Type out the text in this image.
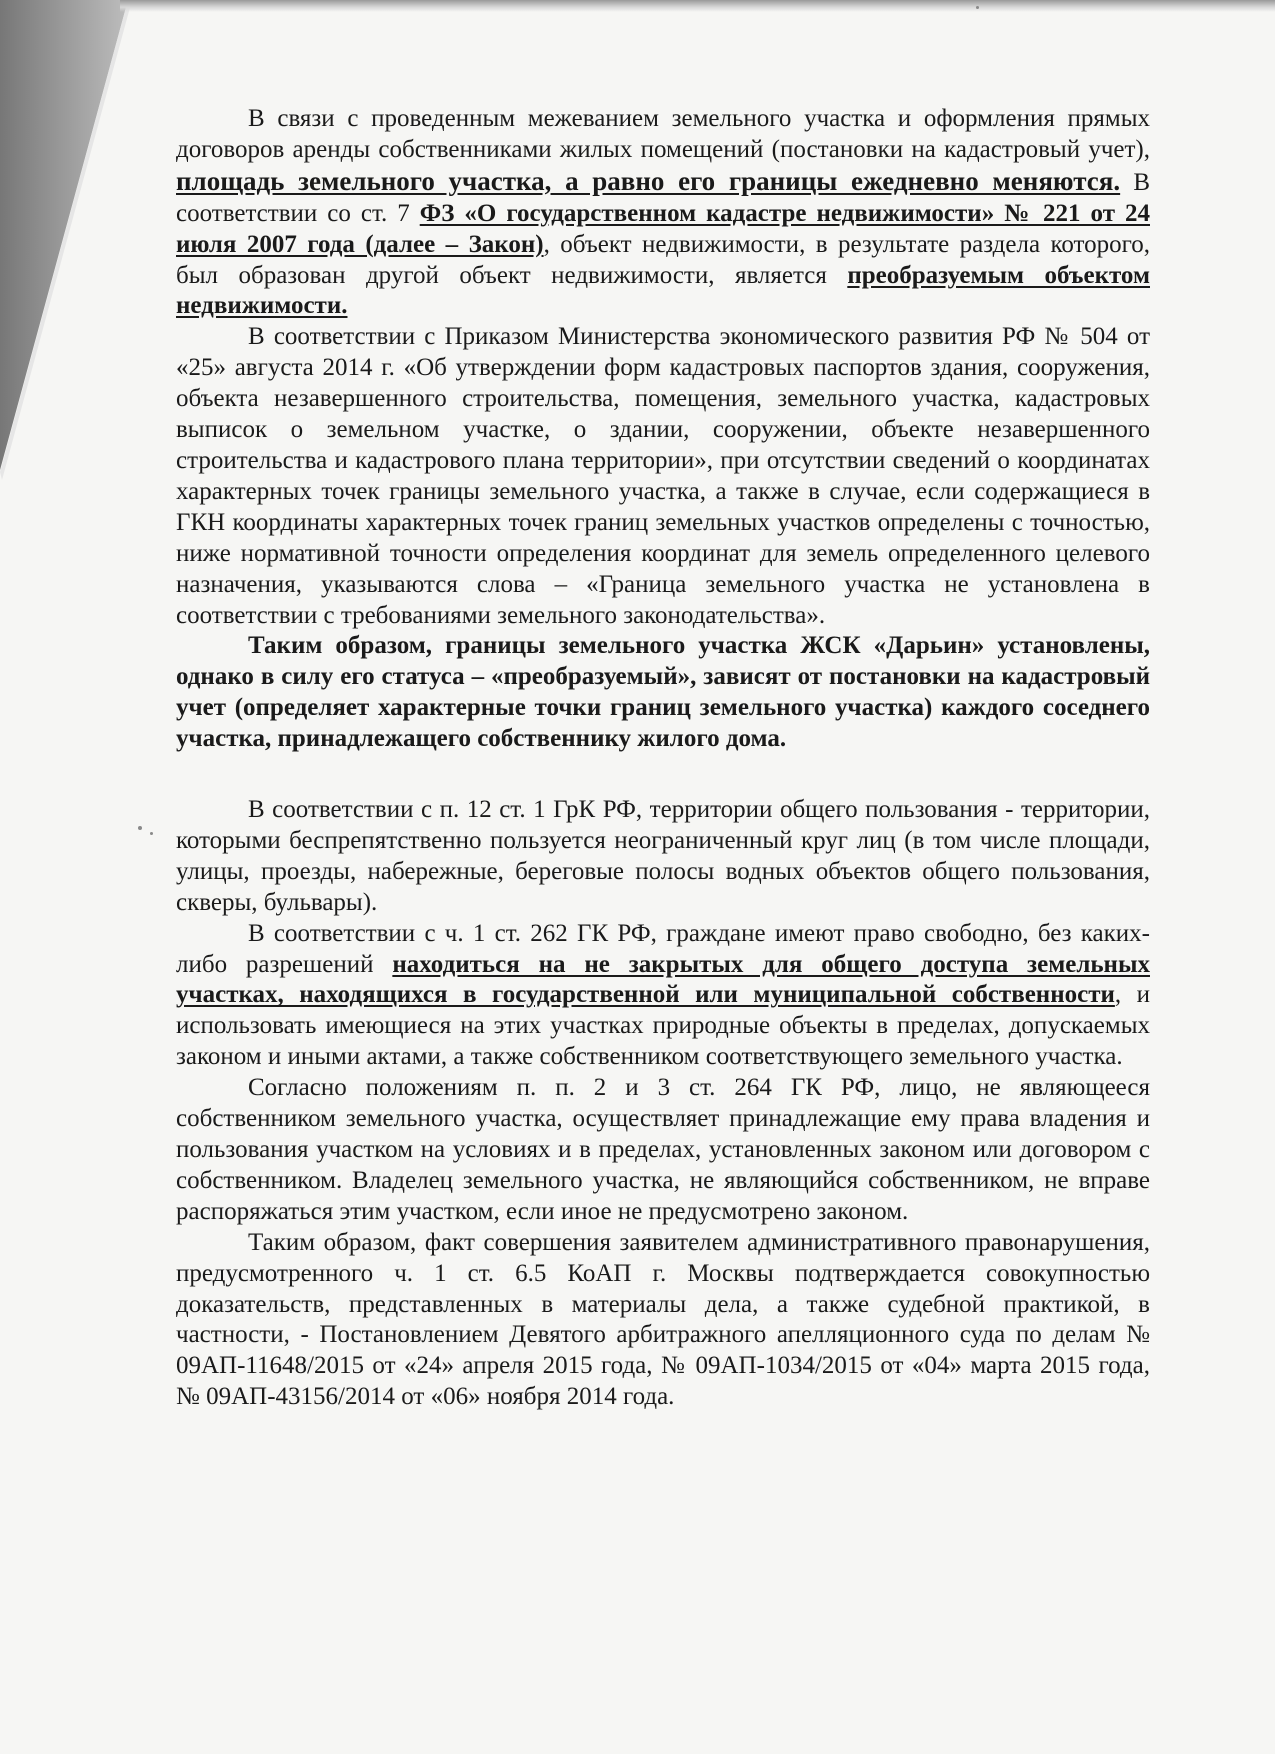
В связи с проведенным межеванием земельного участка и оформления прямых договоров аренды собственниками жилых помещений (постановки на кадастровый учет), площадь земельного участка, а равно его границы ежедневно меняются. В соответствии со ст. 7 ФЗ «О государственном кадастре недвижимости» № 221 от 24 июля 2007 года (далее – Закон), объект недвижимости, в результате раздела которого, был образован другой объект недвижимости, является преобразуемым объектом недвижимости.

В соответствии с Приказом Министерства экономического развития РФ № 504 от «25» августа 2014 г. «Об утверждении форм кадастровых паспортов здания, сооружения, объекта незавершенного строительства, помещения, земельного участка, кадастровых выписок о земельном участке, о здании, сооружении, объекте незавершенного строительства и кадастрового плана территории», при отсутствии сведений о координатах характерных точек границы земельного участка, а также в случае, если содержащиеся в ГКН координаты характерных точек границ земельных участков определены с точностью, ниже нормативной точности определения координат для земель определенного целевого назначения, указываются слова – «Граница земельного участка не установлена в соответствии с требованиями земельного законодательства».

Таким образом, границы земельного участка ЖСК «Дарьин» установлены, однако в силу его статуса – «преобразуемый», зависят от постановки на кадастровый учет (определяет характерные точки границ земельного участка) каждого соседнего участка, принадлежащего собственнику жилого дома.

В соответствии с п. 12 ст. 1 ГрК РФ, территории общего пользования - территории, которыми беспрепятственно пользуется неограниченный круг лиц (в том числе площади, улицы, проезды, набережные, береговые полосы водных объектов общего пользования, скверы, бульвары).

В соответствии с ч. 1 ст. 262 ГК РФ, граждане имеют право свободно, без каких-либо разрешений находиться на не закрытых для общего доступа земельных участках, находящихся в государственной или муниципальной собственности, и использовать имеющиеся на этих участках природные объекты в пределах, допускаемых законом и иными актами, а также собственником соответствующего земельного участка.

Согласно положениям п. п. 2 и 3 ст. 264 ГК РФ, лицо, не являющееся собственником земельного участка, осуществляет принадлежащие ему права владения и пользования участком на условиях и в пределах, установленных законом или договором с собственником. Владелец земельного участка, не являющийся собственником, не вправе распоряжаться этим участком, если иное не предусмотрено законом.

Таким образом, факт совершения заявителем административного правонарушения, предусмотренного ч. 1 ст. 6.5 КоАП г. Москвы подтверждается совокупностью доказательств, представленных в материалы дела, а также судебной практикой, в частности, - Постановлением Девятого арбитражного апелляционного суда по делам № 09АП-11648/2015 от «24» апреля 2015 года, № 09АП-1034/2015 от «04» марта 2015 года, № 09АП-43156/2014 от «06» ноября 2014 года.
